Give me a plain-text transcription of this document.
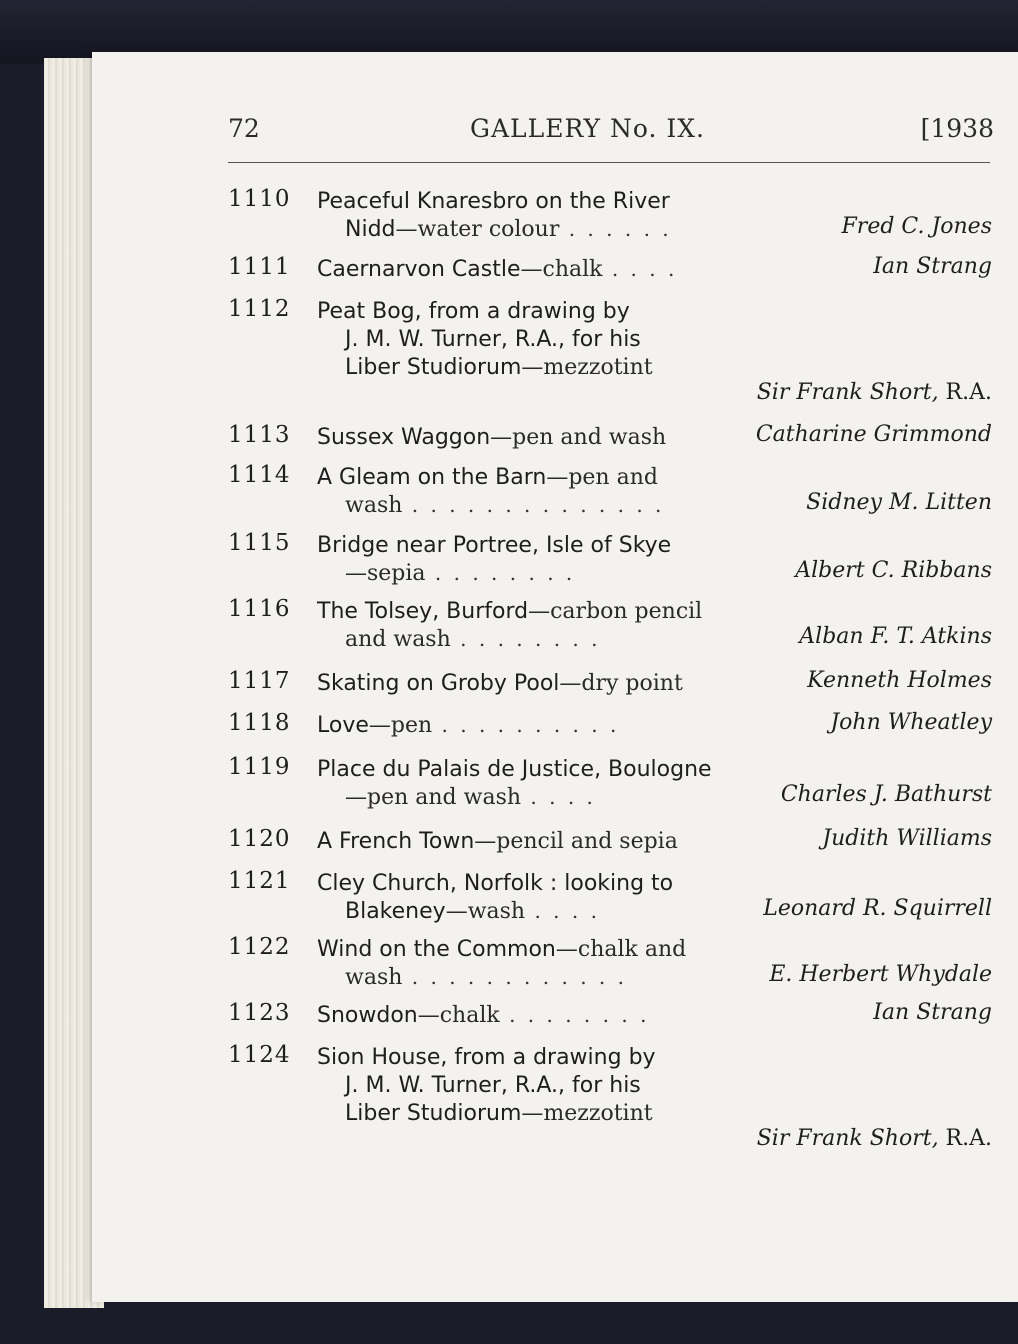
72	GALLERY No. IX.	[1938
1110 Peaceful Knaresbro on the River
Nidd—water colour . . . . . .	Fred C. Jones
1111 Caernarvon Castle—chalk . . . .	Ian Strang
1112 Peat Bog, from a drawing by
J. M. W. Turner, R.A., for his
Liber Studiorum—mezzotint
Sir Frank Short, R.A.
1113 Sussex Waggon—pen and wash	Catharine Grimmond
1114 A Gleam on the Barn—pen and
wash . . . . . . . . . . . . . .	Sidney M. Litten
1115 Bridge near Portree, Isle of Skye
—sepia . . . . . . . .	Albert C. Ribbans
1116 The Tolsey, Burford—carbon pencil
and wash . . . . . . . .	Alban F. T. Atkins
1117 Skating on Groby Pool—dry point	Kenneth Holmes
1118 Love—pen . . . . . . . . . .	John Wheatley
1119 Place du Palais de Justice, Boulogne
—pen and wash . . . .	Charles J. Bathurst
1120 A French Town—pencil and sepia	Judith Williams
1121 Cley Church, Norfolk : looking to
Blakeney—wash . . . .	Leonard R. Squirrell
1122 Wind on the Common—chalk and
wash . . . . . . . . . . . .	E. Herbert Whydale
1123 Snowdon—chalk . . . . . . . .	Ian Strang
1124 Sion House, from a drawing by
J. M. W. Turner, R.A., for his
Liber Studiorum—mezzotint
Sir Frank Short, R.A.
